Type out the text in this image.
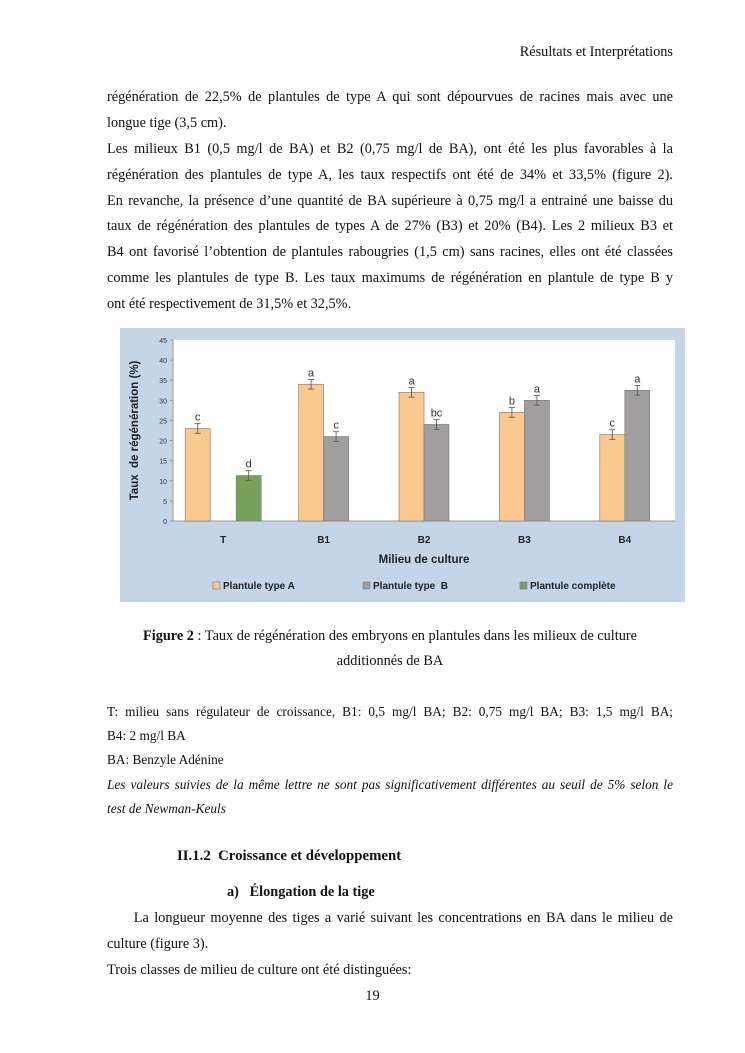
Résultats et Interprétations
régénération de 22,5% de plantules de type A qui sont dépourvues de racines mais avec une
longue tige (3,5 cm).
Les milieux B1 (0,5 mg/l de BA) et B2 (0,75 mg/l de BA), ont été les plus favorables à la
régénération des plantules de type A, les taux respectifs ont été de 34% et 33,5% (figure 2).
En revanche, la présence d’une quantité de BA supérieure à 0,75 mg/l a entrainé une baisse du
taux de régénération des plantules de types A de 27% (B3) et 20% (B4). Les 2 milieux B3 et
B4 ont favorisé l’obtention de plantules rabougries (1,5 cm) sans racines, elles ont été classées
comme les plantules de type B. Les taux maximums de régénération en plantule de type B y
ont été respectivement de 31,5% et 32,5%.
0
5
10
15
20
25
30
35
40
45
T
c
d
B1
a
c
B2
a
bc
B3
b
a
B4
c
a
Milieu de culture
Taux  de régénération (%)
Plantule type A	Plantule type  B	Plantule complète
Figure 2 : Taux de régénération des embryons en plantules dans les milieux de culture
additionnés de BA
T: milieu sans régulateur de croissance, B1: 0,5 mg/l BA; B2: 0,75 mg/l BA; B3: 1,5 mg/l BA;
B4: 2 mg/l BA
BA: Benzyle Adénine
Les valeurs suivies de la même lettre ne sont pas significativement différentes au seuil de 5% selon le
test de Newman-Keuls
II.1.2  Croissance et développement
a)   Élongation de la tige
La longueur moyenne des tiges a varié suivant les concentrations en BA dans le milieu de
culture (figure 3).
Trois classes de milieu de culture ont été distinguées:
19
